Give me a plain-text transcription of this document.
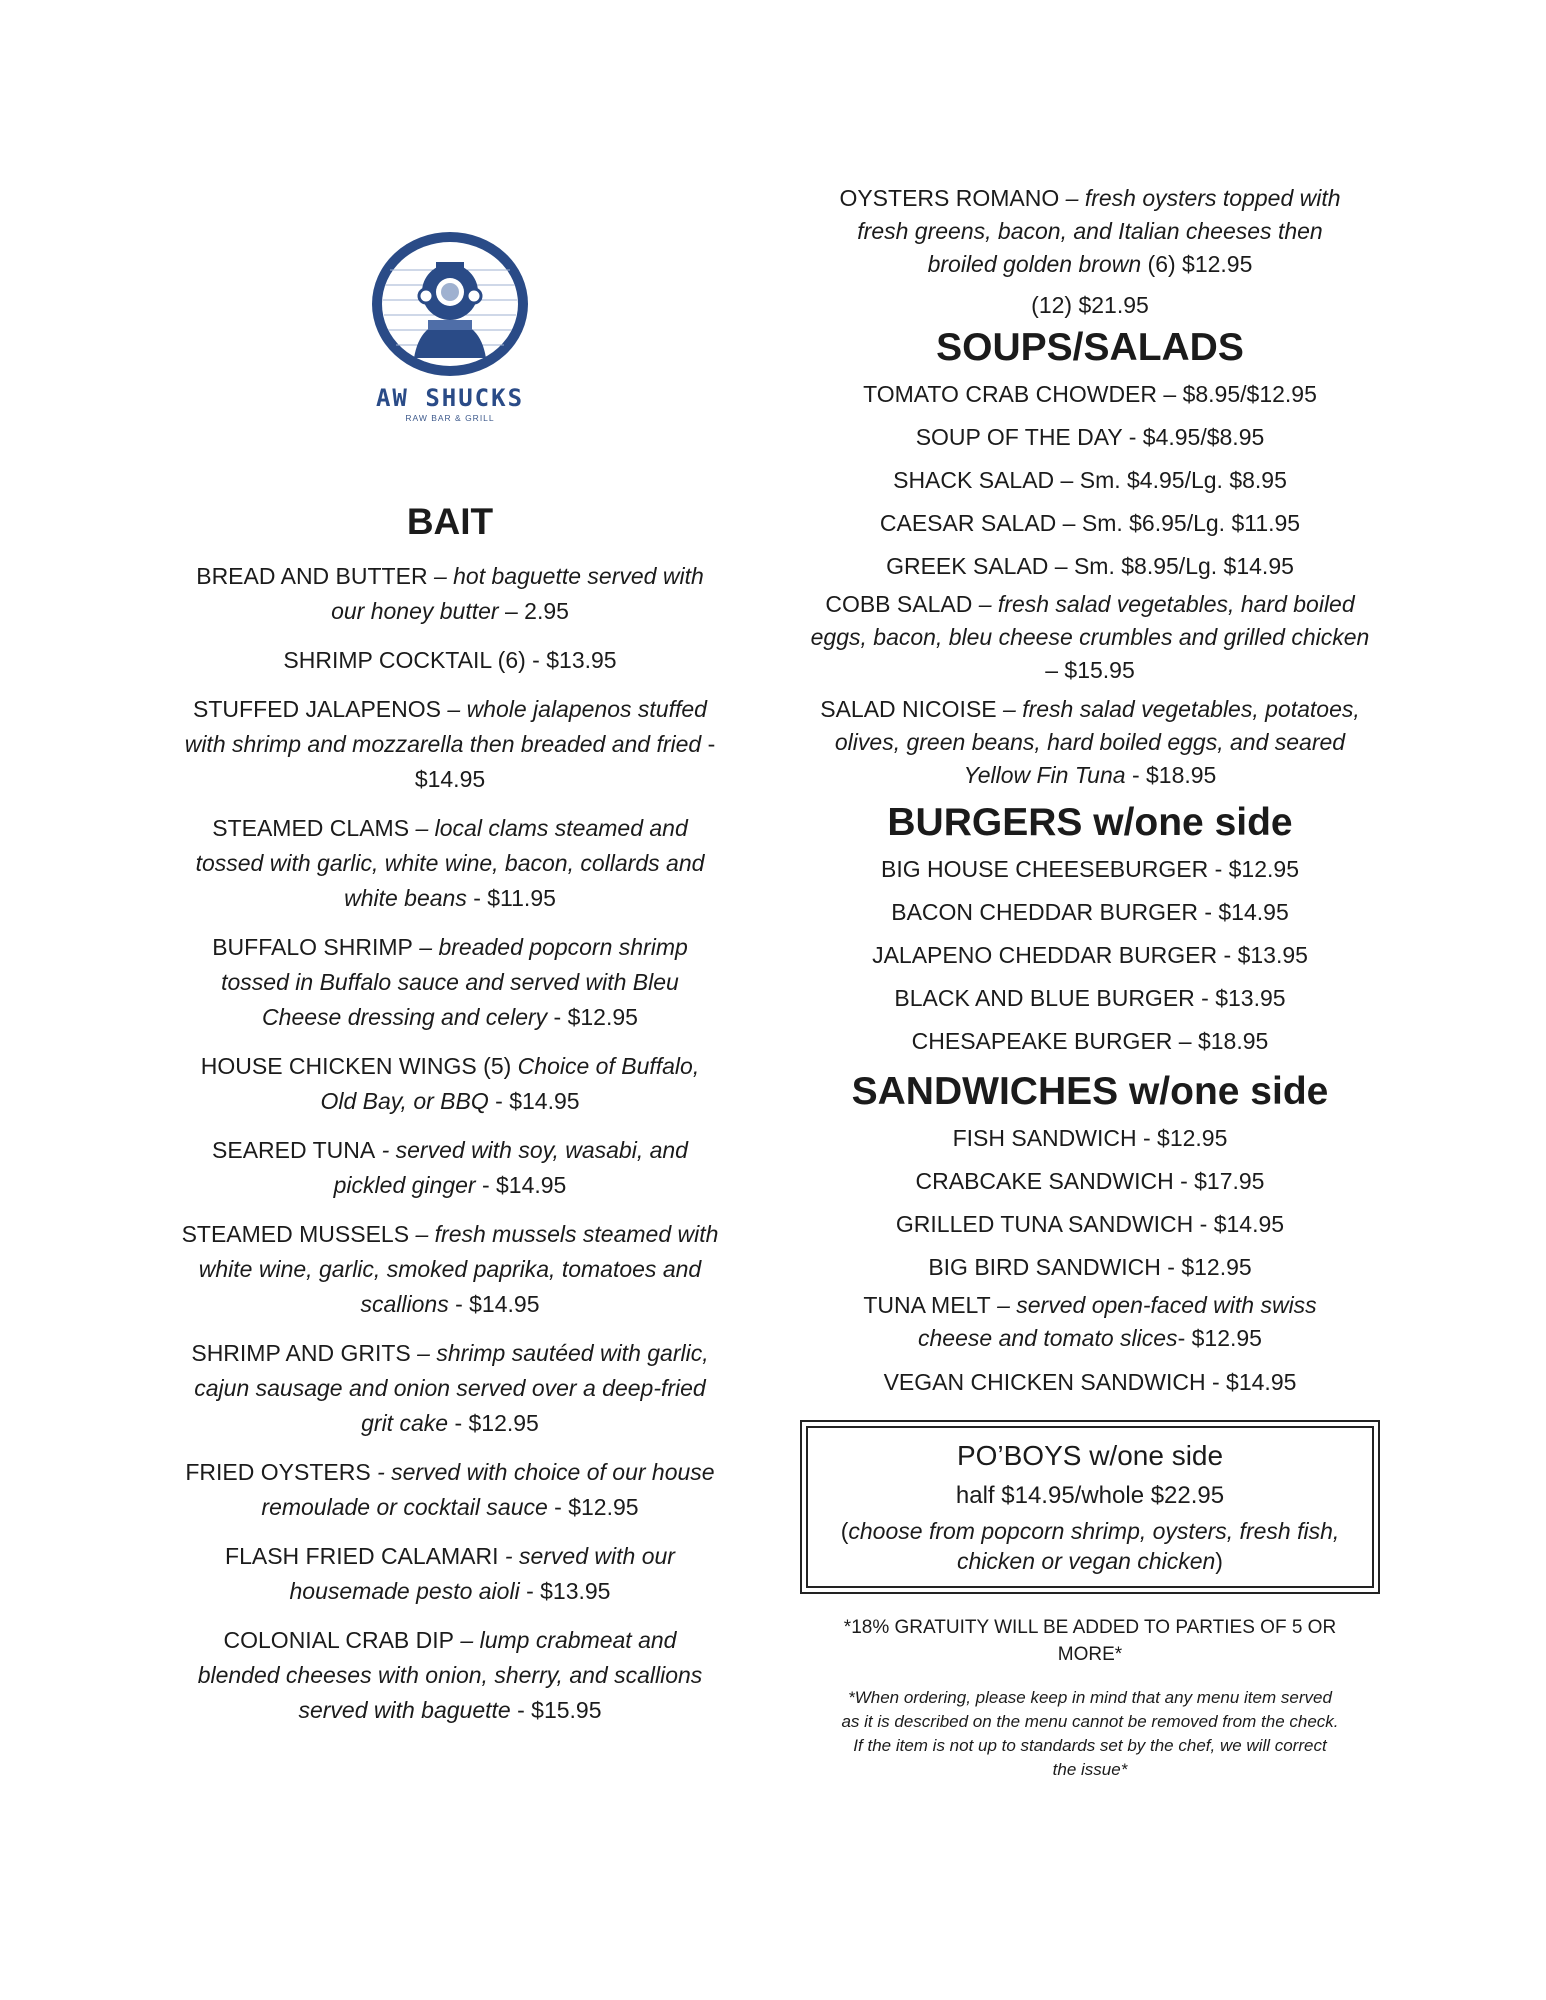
AW SHUCKS
RAW BAR & GRILL
BAIT
BREAD AND BUTTER – hot baguette served with our honey butter – 2.95
SHRIMP COCKTAIL (6) - $13.95
STUFFED JALAPENOS – whole jalapenos stuffed with shrimp and mozzarella then breaded and fried - $14.95
STEAMED CLAMS – local clams steamed and tossed with garlic, white wine, bacon, collards and white beans - $11.95
BUFFALO SHRIMP – breaded popcorn shrimp tossed in Buffalo sauce and served with Bleu Cheese dressing and celery - $12.95
HOUSE CHICKEN WINGS (5) Choice of Buffalo, Old Bay, or BBQ - $14.95
SEARED TUNA - served with soy, wasabi, and pickled ginger - $14.95
STEAMED MUSSELS – fresh mussels steamed with white wine, garlic, smoked paprika, tomatoes and scallions - $14.95
SHRIMP AND GRITS – shrimp sautéed with garlic, cajun sausage and onion served over a deep-fried grit cake - $12.95
FRIED OYSTERS - served with choice of our house remoulade or cocktail sauce - $12.95
FLASH FRIED CALAMARI - served with our housemade pesto aioli - $13.95
COLONIAL CRAB DIP – lump crabmeat and blended cheeses with onion, sherry, and scallions served with baguette - $15.95
OYSTERS ROMANO – fresh oysters topped with fresh greens, bacon, and Italian cheeses then broiled golden brown (6) $12.95
(12) $21.95
SOUPS/SALADS
TOMATO CRAB CHOWDER – $8.95/$12.95
SOUP OF THE DAY - $4.95/$8.95
SHACK SALAD – Sm. $4.95/Lg. $8.95
CAESAR SALAD – Sm. $6.95/Lg. $11.95
GREEK SALAD – Sm. $8.95/Lg. $14.95
COBB SALAD – fresh salad vegetables, hard boiled eggs, bacon, bleu cheese crumbles and grilled chicken – $15.95
SALAD NICOISE – fresh salad vegetables, potatoes, olives, green beans, hard boiled eggs, and seared Yellow Fin Tuna - $18.95
BURGERS w/one side
BIG HOUSE CHEESEBURGER - $12.95
BACON CHEDDAR BURGER - $14.95
JALAPENO CHEDDAR BURGER - $13.95
BLACK AND BLUE BURGER - $13.95
CHESAPEAKE BURGER – $18.95
SANDWICHES w/one side
FISH SANDWICH - $12.95
CRABCAKE SANDWICH - $17.95
GRILLED TUNA SANDWICH - $14.95
BIG BIRD SANDWICH - $12.95
TUNA MELT – served open-faced with swiss cheese and tomato slices- $12.95
VEGAN CHICKEN SANDWICH - $14.95
PO’BOYS w/one side
half $14.95/whole $22.95
(choose from popcorn shrimp, oysters, fresh fish, chicken or vegan chicken)
*18% GRATUITY WILL BE ADDED TO PARTIES OF 5 OR MORE*
*When ordering, please keep in mind that any menu item served as it is described on the menu cannot be removed from the check. If the item is not up to standards set by the chef, we will correct the issue*
